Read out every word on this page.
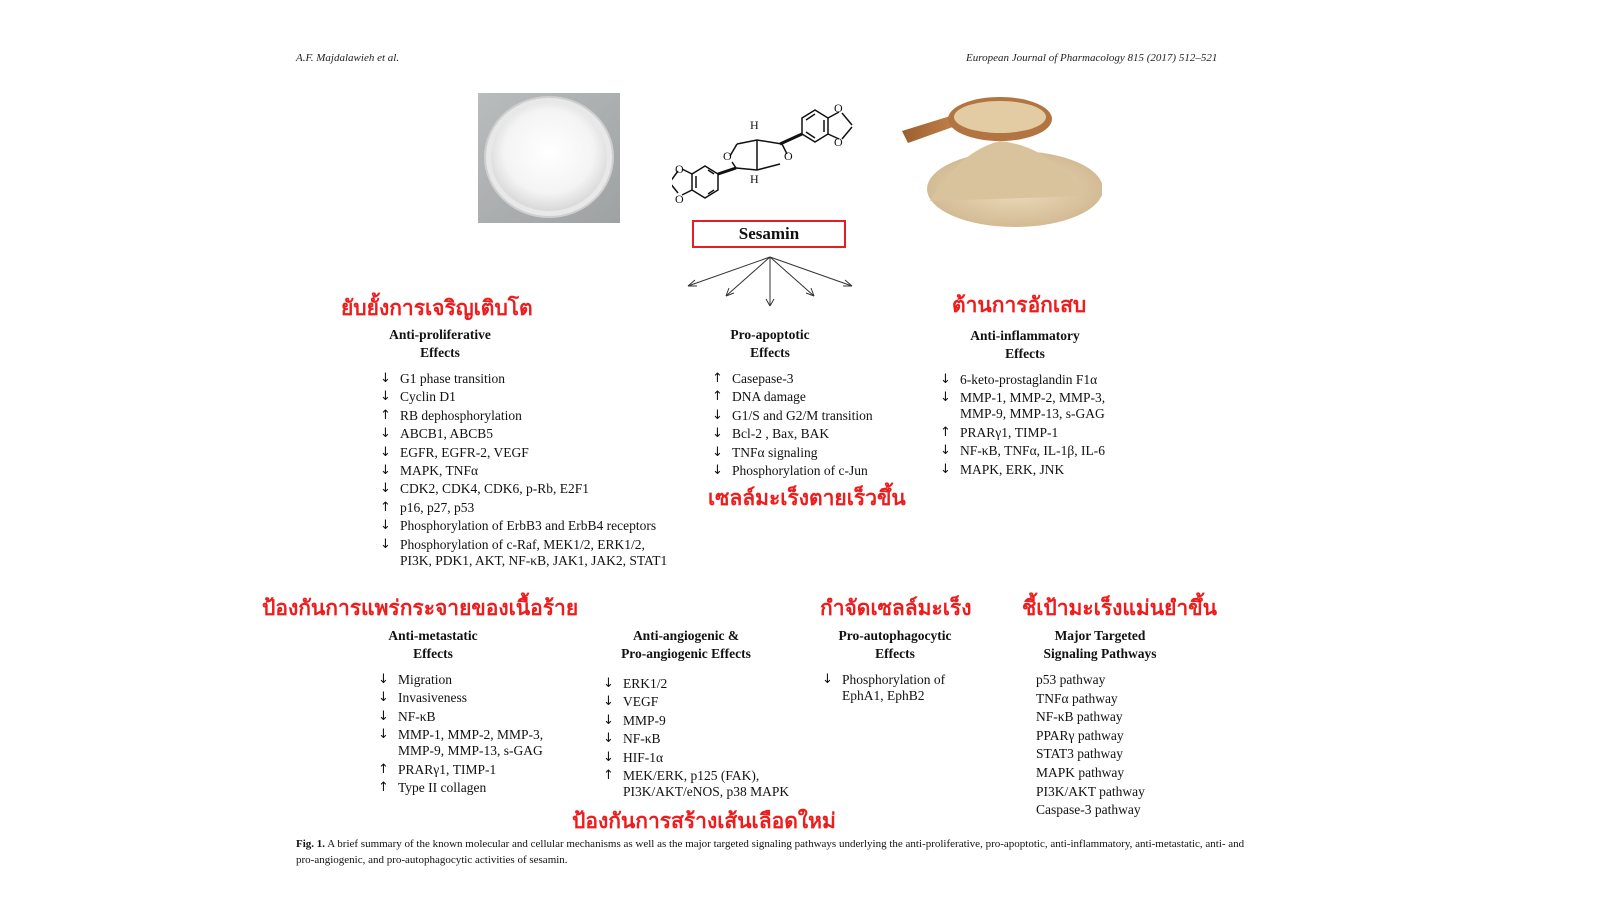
A.F. Majdalawieh et al.	European Journal of Pharmacology 815 (2017) 512–521
H
H
O
O
O
O
O
O
Sesamin
ยับยั้งการเจริญเติบโต	ต้านการอักเสบ
เซลล์มะเร็งตายเร็วขึ้น
ป้องกันการแพร่กระจายของเนื้อร้าย	กำจัดเซลล์มะเร็ง ชี้เป้ามะเร็งแม่นยำขึ้น
ป้องกันการสร้างเส้นเลือดใหม่
Anti-proliferative
Effects
Pro-apoptotic
Effects
Anti-inflammatory
Effects
Anti-metastatic
Effects
Anti-angiogenic &
Pro-angiogenic Effects
Pro-autophagocytic
Effects
Major Targeted
Signaling Pathways
↓ G1 phase transition
↓ Cyclin D1
↑ RB dephosphorylation
↓ ABCB1, ABCB5
↓ EGFR, EGFR-2, VEGF
↓ MAPK, TNFα
↓ CDK2, CDK4, CDK6, p-Rb, E2F1
↑ p16, p27, p53
↓ Phosphorylation of ErbB3 and ErbB4 receptors
↓ Phosphorylation of c-Raf, MEK1/2, ERK1/2,
PI3K, PDK1, AKT, NF-κB, JAK1, JAK2, STAT1
↑ Casepase-3
↑ DNA damage
↓ G1/S and G2/M transition
↓ Bcl-2 , Bax, BAK
↓ TNFα signaling
↓ Phosphorylation of c-Jun
↓ 6-keto-prostaglandin F1α
↓ MMP-1, MMP-2, MMP-3,
MMP-9, MMP-13, s-GAG
↑ PRARγ1, TIMP-1
↓ NF-κB, TNFα, IL-1β, IL-6
↓ MAPK, ERK, JNK
↓ Migration
↓ Invasiveness
↓ NF-κB
↓ MMP-1, MMP-2, MMP-3,
MMP-9, MMP-13, s-GAG
↑ PRARγ1, TIMP-1
↑ Type II collagen
↓ ERK1/2
↓ VEGF
↓ MMP-9
↓ NF-κB
↓ HIF-1α
↑ MEK/ERK, p125 (FAK),
PI3K/AKT/eNOS, p38 MAPK
↓ Phosphorylation of
EphA1, EphB2
p53 pathway
TNFα pathway
NF-κB pathway
PPARγ pathway
STAT3 pathway
MAPK pathway
PI3K/AKT pathway
Caspase-3 pathway
Fig. 1. A brief summary of the known molecular and cellular mechanisms as well as the major targeted signaling pathways underlying the anti-proliferative, pro-apoptotic, anti-inflammatory, anti-metastatic, anti- and pro-angiogenic, and pro-autophagocytic activities of sesamin.
